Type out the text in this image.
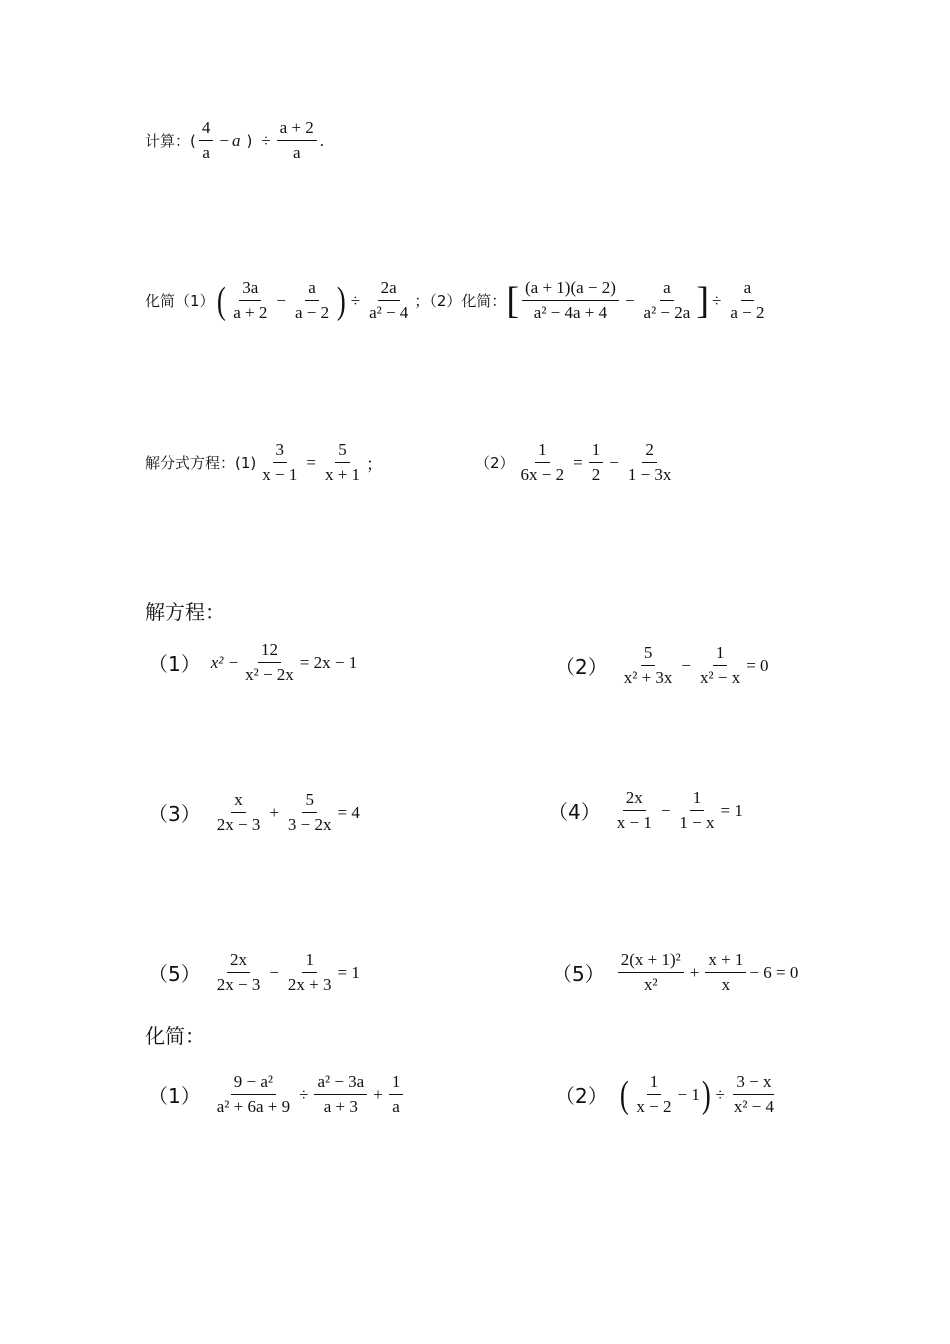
计算：( $\frac{4}{a} - a$ ) ÷ $\frac{a + 2}{a}$ .
化简（1） ( $\frac{3a}{a + 2} - \frac{a}{a - 2}$ ) ÷ $\frac{2a}{\text{a² − 4}}$ ；（2）化简： [ $\frac{(a + 1)(a - 2)}{\text{a² − 4a + 4}} - \frac{a}{\text{a² − 2a}}$ ] ÷ $\frac{a}{a - 2}$
解分式方程：$(1) \frac{3}{x - 1} = \frac{5}{x + 1}$ ；	$(2) \frac{1}{6x - 2} = \frac{1}{2} - \frac{2}{1 - 3x}$
解方程：
（1） $x^2 - \frac{12}{\text{x² − 2x}} = 2x - 1$	$(2) \frac{5}{\text{x² + 3x}} - \frac{1}{\text{x² − x}} = 0$
$(3) \frac{x}{2x - 3} + \frac{5}{3 - 2x} = 4$	$(4) \frac{2x}{x - 1} - \frac{1}{1 - x} = 1$
$(5) \frac{2x}{2x - 3} - \frac{1}{2x + 3} = 1$	$(5) \frac{\text{2(x + 1)²}}{\text{x²}} + \frac{x + 1}{x} - 6 = 0$
化简：
$(1) \frac{\text{9 − a²}}{\text{a² + 6a + 9}} \div \frac{\text{a² − 3a}}{a + 3} + \frac{1}{a}$	（2） ( $\frac{1}{x - 2} - 1$ ) ÷ $\frac{3 - x}{\text{x² − 4}}$
